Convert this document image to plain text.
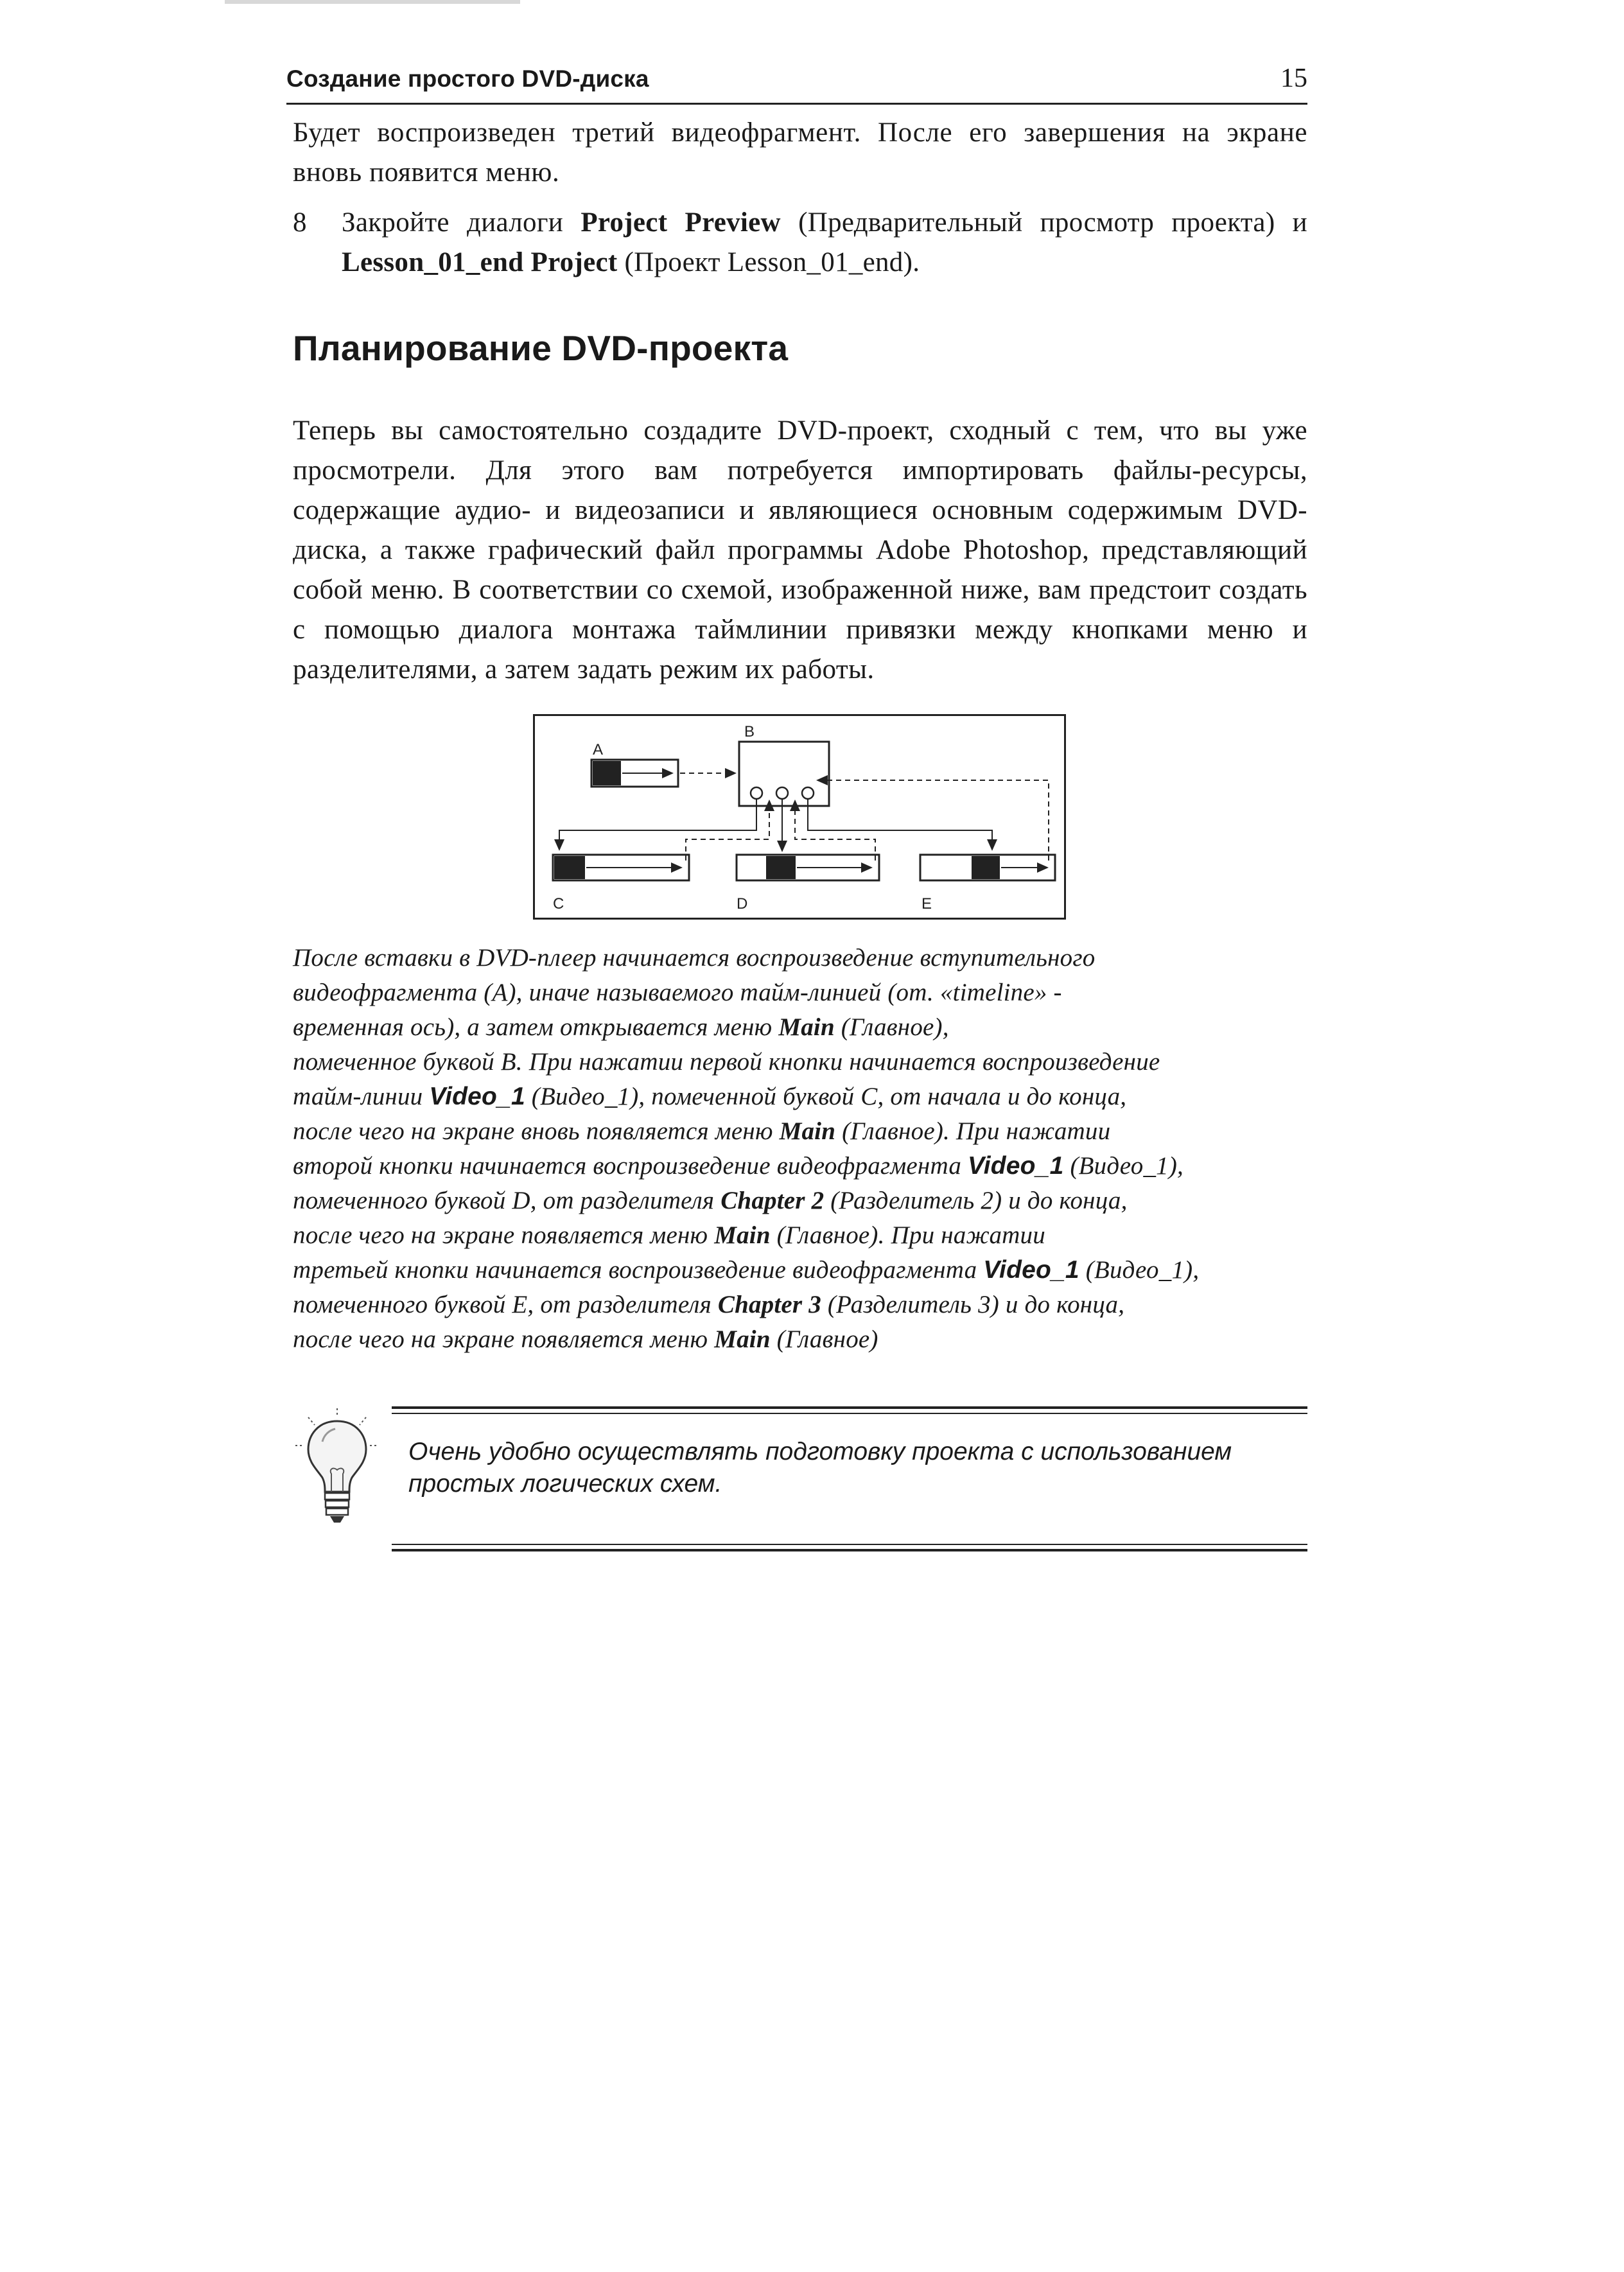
Создание простого DVD-диска	15
Будет воспроизведен третий видеофрагмент. После его завершения на экране вновь появится меню.
8 Закройте диалоги Project Preview (Предварительный просмотр проекта) и Lesson_01_end Project (Проект Lesson_01_end).
Планирование DVD-проекта
Теперь вы самостоятельно создадите DVD-проект, сходный с тем, что вы уже просмотрели. Для этого вам потребуется импортировать файлы-ресурсы, содержащие аудио- и видеозаписи и являющиеся основным содержимым DVD-диска, а также графический файл программы Adobe Photoshop, представляющий собой меню. В соответствии со схемой, изображенной ниже, вам предстоит создать с помощью диалога монтажа таймлинии привязки между кнопками меню и разделителями, а затем задать режим их работы.
A
B
C	D	E
После вставки в DVD-плеер начинается воспроизведение вступительного
видеофрагмента (А), иначе называемого тайм-линией (от. «timeline» -
временная ось), а затем открывается меню Main (Главное),
помеченное буквой B. При нажатии первой кнопки начинается воспроизведение
тайм-линии Video_1 (Видео_1), помеченной буквой C, от начала и до конца,
после чего на экране вновь появляется меню Main (Главное). При нажатии
второй кнопки начинается воспроизведение видеофрагмента Video_1 (Видео_1),
помеченного буквой D, от разделителя Chapter 2 (Разделитель 2) и до конца,
после чего на экране появляется меню Main (Главное). При нажатии
третьей кнопки начинается воспроизведение видеофрагмента Video_1 (Видео_1),
помеченного буквой E, от разделителя Chapter 3 (Разделитель 3) и до конца,
после чего на экране появляется меню Main (Главное)
Очень удобно осуществлять подготовку проекта с использованием простых логических схем.
